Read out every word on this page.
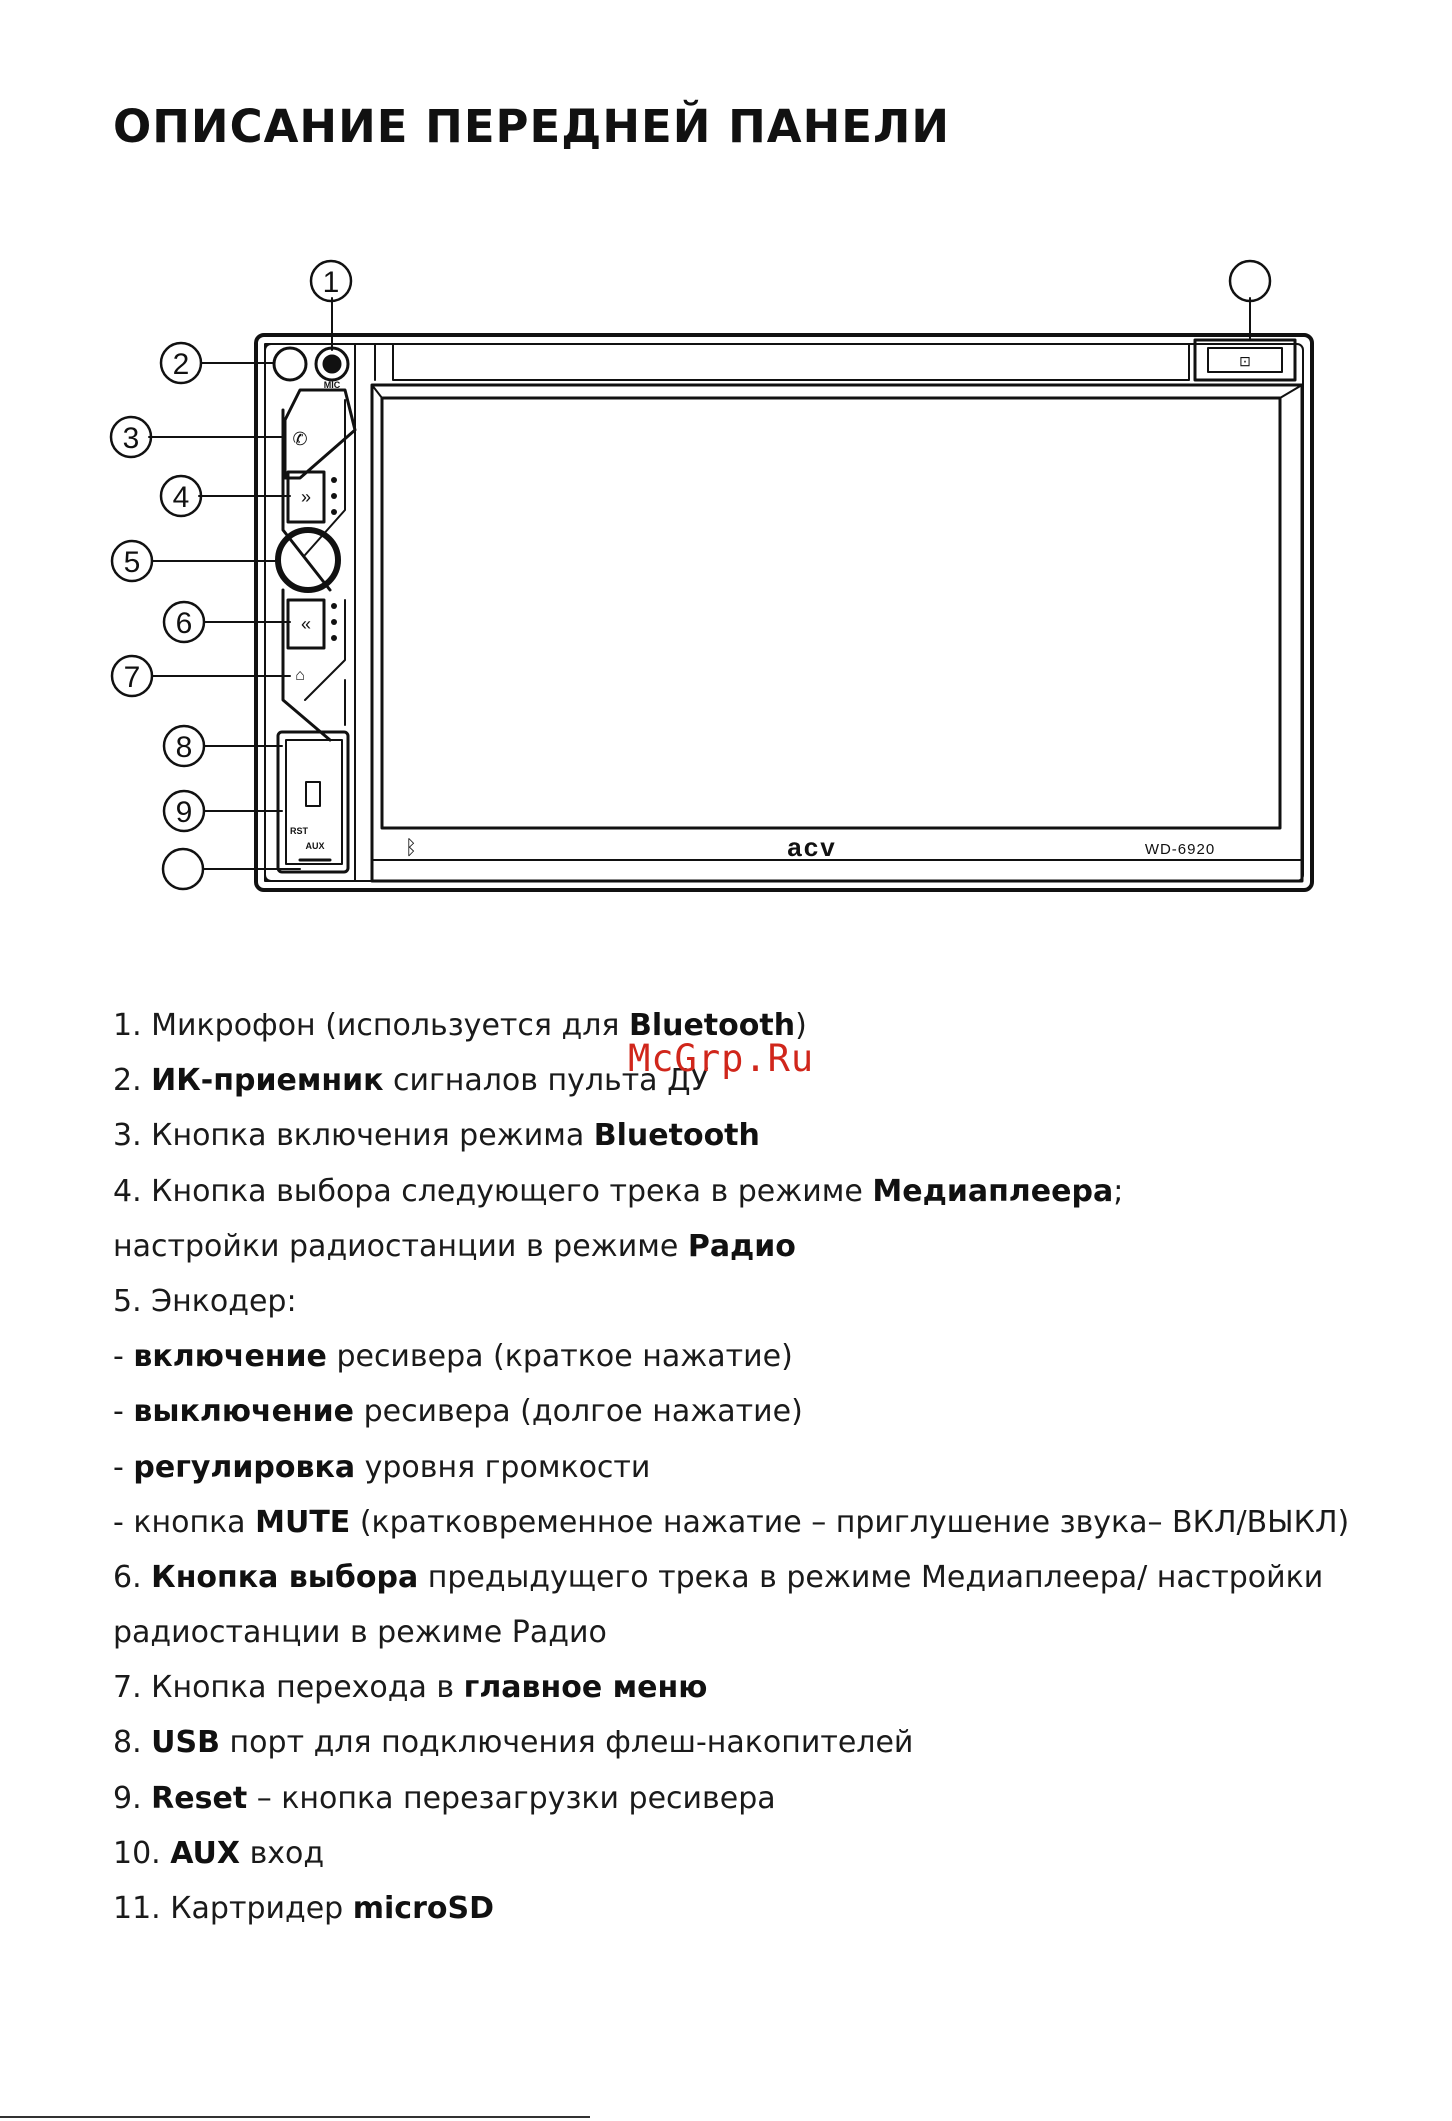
ОПИСАНИЕ ПЕРЕДНЕЙ ПАНЕЛИ
⊡
»
✆
«
⌂
1
2
3
4
5
6
7
8
9
MIC
RST
AUX	ᛒ	acv	WD-6920
1. Микрофон (используется для Bluetooth)
2. ИК-приемник сигналов пульта ДУ
3. Кнопка включения режима Bluetooth
4. Кнопка выбора следующего трека в режиме Медиаплеера;
настройки радиостанции в режиме Радио
5. Энкодер:
- включение ресивера (краткое нажатие)
- выключение ресивера (долгое нажатие)
- регулировка уровня громкости
- кнопка MUTE (кратковременное нажатие – приглушение звука– ВКЛ/ВЫКЛ)
6. Кнопка выбора предыдущего трека в режиме Медиаплеера/ настройки
радиостанции в режиме Радио
7. Кнопка перехода в главное меню
8. USB порт для подключения флеш-накопителей
9. Reset – кнопка перезагрузки ресивера
10. AUX вход
11. Картридер microSD
McGrp.Ru
